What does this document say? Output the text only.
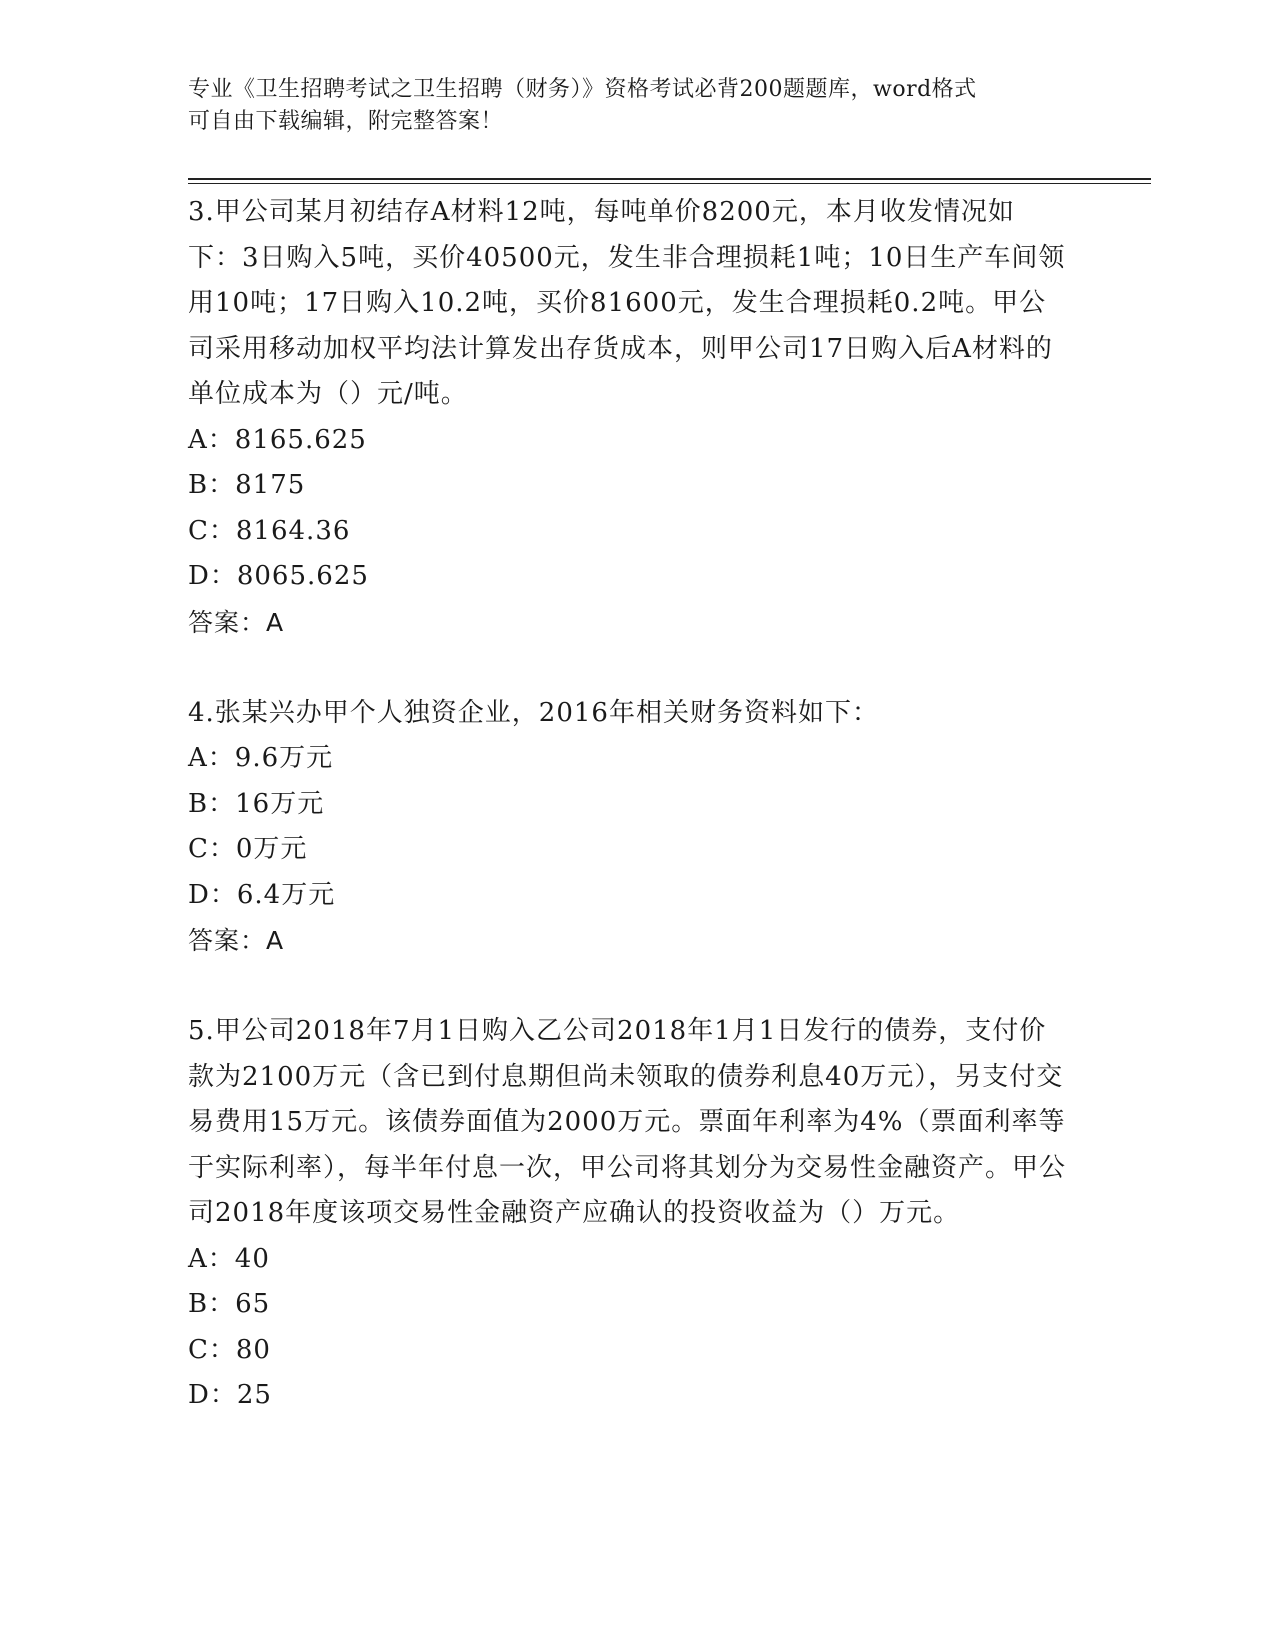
专业《卫生招聘考试之卫生招聘（财务）》资格考试必背200题题库，word格式

可自由下载编辑，附完整答案！

3.甲公司某月初结存A材料12吨，每吨单价8200元，本月收发情况如下：3日购入5吨，买价40500元，发生非合理损耗1吨；10日生产车间领用10吨；17日购入10.2吨，买价81600元，发生合理损耗0.2吨。甲公司采用移动加权平均法计算发出存货成本，则甲公司17日购入后A材料的单位成本为（）元/吨。

A：8165.625

B：8175

C：8164.36

D：8065.625

答案：A

4.张某兴办甲个人独资企业，2016年相关财务资料如下：

A：9.6万元

B：16万元

C：0万元

D：6.4万元

答案：A

5.甲公司2018年7月1日购入乙公司2018年1月1日发行的债券，支付价款为2100万元（含已到付息期但尚未领取的债券利息40万元），另支付交易费用15万元。该债券面值为2000万元。票面年利率为4%（票面利率等于实际利率），每半年付息一次，甲公司将其划分为交易性金融资产。甲公司2018年度该项交易性金融资产应确认的投资收益为（）万元。

A：40

B：65

C：80

D：25
